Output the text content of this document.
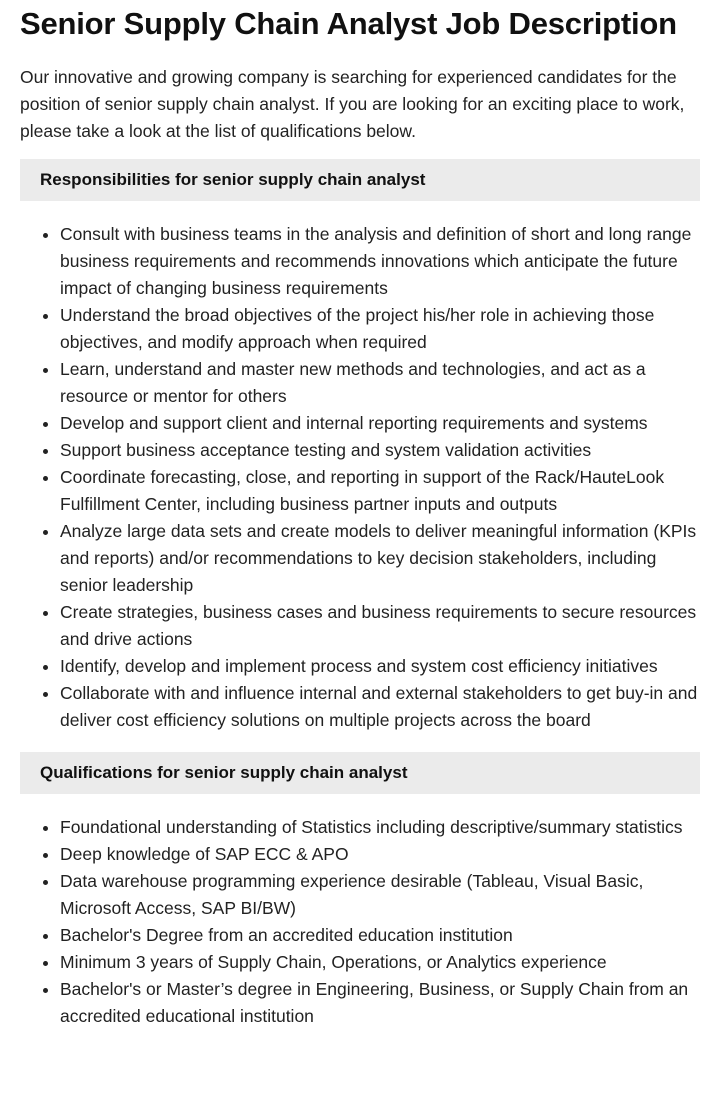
Senior Supply Chain Analyst Job Description

Our innovative and growing company is searching for experienced candidates for the position of senior supply chain analyst. If you are looking for an exciting place to work, please take a look at the list of qualifications below.

Responsibilities for senior supply chain analyst
• Consult with business teams in the analysis and definition of short and long range business requirements and recommends innovations which anticipate the future impact of changing business requirements
• Understand the broad objectives of the project his/her role in achieving those objectives, and modify approach when required
• Learn, understand and master new methods and technologies, and act as a resource or mentor for others
• Develop and support client and internal reporting requirements and systems
• Support business acceptance testing and system validation activities
• Coordinate forecasting, close, and reporting in support of the Rack/HauteLook Fulfillment Center, including business partner inputs and outputs
• Analyze large data sets and create models to deliver meaningful information (KPIs and reports) and/or recommendations to key decision stakeholders, including senior leadership
• Create strategies, business cases and business requirements to secure resources and drive actions
• Identify, develop and implement process and system cost efficiency initiatives
• Collaborate with and influence internal and external stakeholders to get buy-in and deliver cost efficiency solutions on multiple projects across the board
Qualifications for senior supply chain analyst
• Foundational understanding of Statistics including descriptive/summary statistics
• Deep knowledge of SAP ECC & APO
• Data warehouse programming experience desirable (Tableau, Visual Basic, Microsoft Access, SAP BI/BW)
• Bachelor's Degree from an accredited education institution
• Minimum 3 years of Supply Chain, Operations, or Analytics experience
• Bachelor's or Master’s degree in Engineering, Business, or Supply Chain from an accredited educational institution
